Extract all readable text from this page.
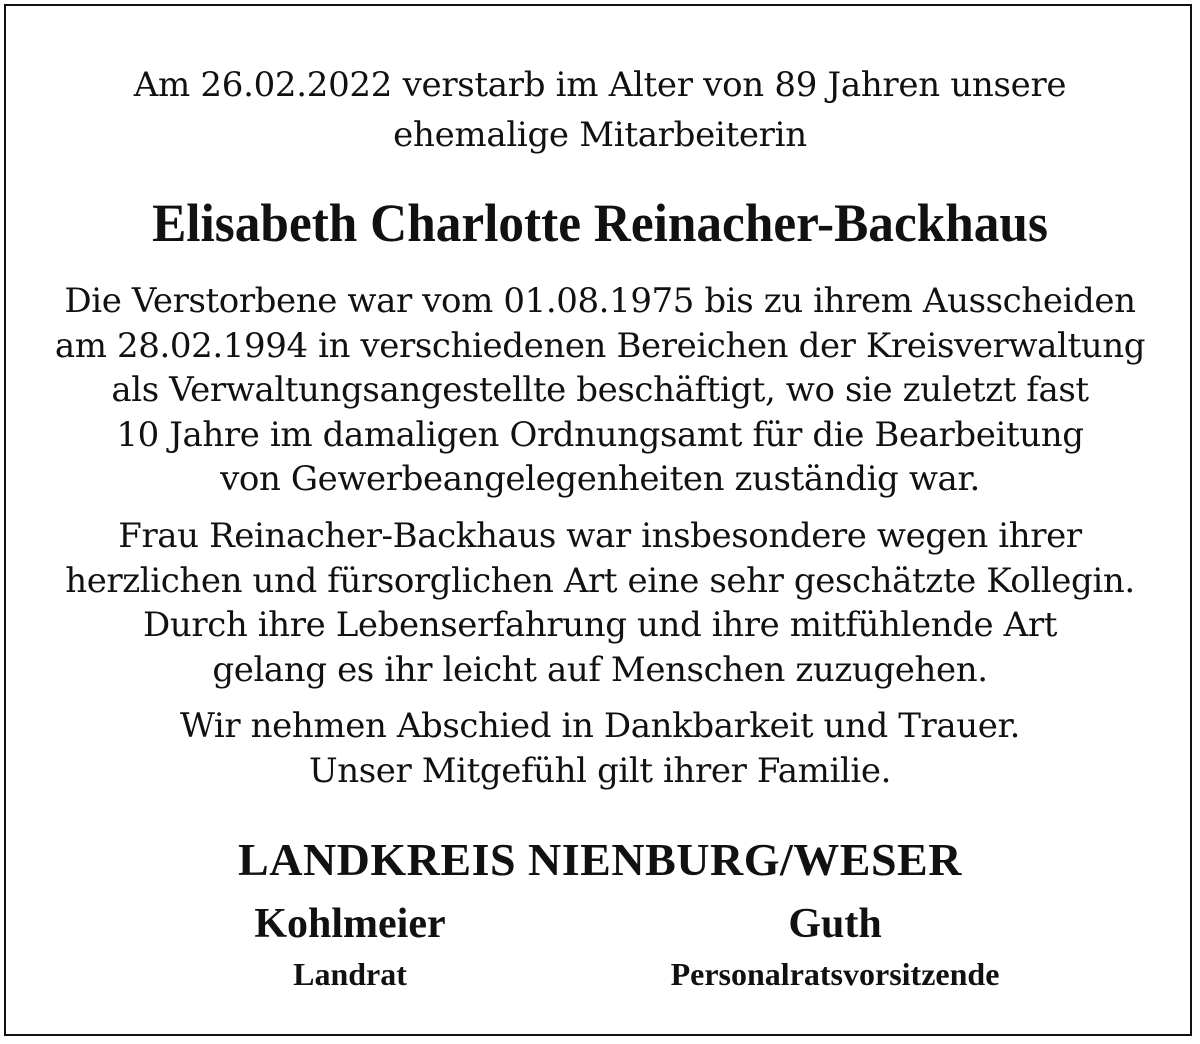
Am 26.02.2022 verstarb im Alter von 89 Jahren unsere
ehemalige Mitarbeiterin
Elisabeth Charlotte Reinacher-Backhaus
Die Verstorbene war vom 01.08.1975 bis zu ihrem Ausscheiden
am 28.02.1994 in verschiedenen Bereichen der Kreisverwaltung
als Verwaltungsangestellte beschäftigt, wo sie zuletzt fast
10 Jahre im damaligen Ordnungsamt für die Bearbeitung
von Gewerbeangelegenheiten zuständig war.
Frau Reinacher-Backhaus war insbesondere wegen ihrer
herzlichen und fürsorglichen Art eine sehr geschätzte Kollegin.
Durch ihre Lebenserfahrung und ihre mitfühlende Art
gelang es ihr leicht auf Menschen zuzugehen.
Wir nehmen Abschied in Dankbarkeit und Trauer.
Unser Mitgefühl gilt ihrer Familie.
LANDKREIS NIENBURG/WESER
Kohlmeier
Landrat
Guth
Personalratsvorsitzende
